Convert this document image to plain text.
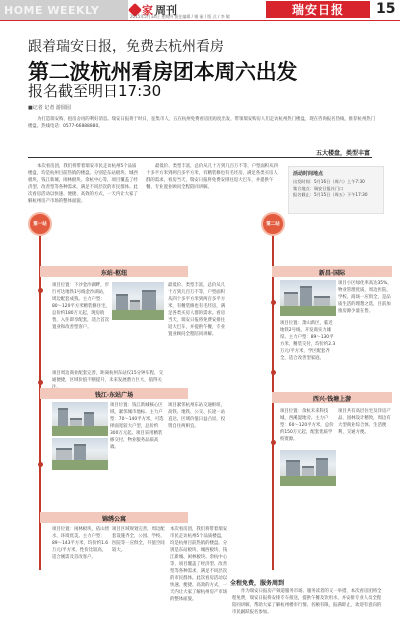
HOME WEEKLY	家 周刊
2015年5月14日 星期四 责任编辑 / 谢 丽 / 版 式 / 李 敏	瑞安日报 15
跟着瑞安日报，免费去杭州看房
第二波杭州看房团本周六出发
报名截至明日17:30
■记者 记者 游圆园
为打造瑞安购、租房舍再的利好消息。瑞安日报将于时日，征集市人，五在杭州免费看房团再度出发，带领瑞安购房人们走访杭州热门楼盘，现在咨询报名热线，推荐杭州热门楼盘。热线电话：0577-66888880。
五大楼盘，类型丰富
本次看房团，我们将带着瑞安市民走访杭州5个品质楼盘，均是杭州目前热销的楼盘。分别是东站板块、城西板块、钱江新城、闲林板块、余杭中心等，项目覆盖了经济型、改善型等各种需求，满足不同层次的市民群体。此次看房活动以快速、便捷、高效的方式，一天内让大家了解杭州房产市场的整体面貌。
最低价、类型丰富，总价从几十万到几百万不等，户型面积从四十多平方米到两百多平方米，有精装修也有毛坯房，满足各类买房人群的需求。看房当天，瑞安日报将免费安排往返大巴车，并提供午餐，专业置业顾问全程陪同讲解。
活动时间地点
出发时间：5月16日（周六）上午7:30
集合地点：瑞安日报社门口
报名截止：5月15日（周五）下午17:30
第一站	第二站
东站·枢纽
项目位置：下沙金沙湖畔，步行可达地铁1号线金沙湖站，周边配套成熟。主力户型：80～120平方米精装修住宅，总价约180万元起，现房销售，入住即享配套，适合首次置业和改善型客户。
项目周边商业配套完善，距离杭州东站仅15分钟车程，交通便捷，区域价值不断提升，未来发展潜力巨大，值得关
最低价、类型丰富，总价从几十万到几百万不等，户型面积从四十多平方米到两百多平方米，有精装修也有毛坯房，满足各类买房人群的需求。看房当天，瑞安日报将免费安排往返大巴车，并提供午餐，专业置业顾问全程陪同讲解。
新昌·国际
项目小区绿化率高达35%，物业管理优质，周边医院、学校、商场一应俱全，是品质生活的理想之选，目前加推房源少量在售。
项目位置：萧山新区，临近地铁2号线，开发商实力雄厚。主力户型：89～130平方米，精装交付，均价约2.3万元/平方米，学区配套齐全，适合改善型家庭。
钱江·东站广场
项目位置：钱江新城核心区域，紧邻城市地标。主力户型：70～140平方米，可选择面宽较大户型，总价约300万元起。项目采用精装修交付，物业服务品质高端。
项目紧邻杭州东站交通枢纽，高铁、地铁、公交、长途一站直达，区域价值日益凸显，投资自住两相宜。
西兴·钱塘上游
项目位置：余杭未来科技城，西溪湿地旁。主力户型：60～120平方米，总价约150万元起，配套优质学校资源。
项目共有高层住宅及洋房产品，园林设计精致，周边有大型商业综合体，生活便利，交通方便。
锦绣公寓
项目位置：闲林板块，依山傍水，环境优美。主力户型：89～143平方米，均价约1.6万元/平方米，性价比较高，适合刚需及首改客户。
项目区域规划完善，周边配套设施齐全，公园、学校、医院等一应俱全，升值空间较大。
本次看房团，我们将带着瑞安市民走访杭州5个品质楼盘，均是杭州目前热销的楼盘。分别是东站板块、城西板块、钱江新城、闲林板块、余杭中心等，项目覆盖了经济型、改善型等各种需求，满足不同层次的市民群体。此次看房活动以快速、便捷、高效的方式，一天内让大家了解杭州房产市场的整体面貌。
全程免费，服务周到
作为瑞安日报房产频道服务市场、服务读者的又一举措，本次看房团将全程免费，瑞安日报将安排专车接送，提供午餐及饮用水，并安排专业人员全程陪同讲解，帮助大家了解杭州楼市行情。名额有限，报满即止，欢迎有意向的市民踊跃报名参加。
